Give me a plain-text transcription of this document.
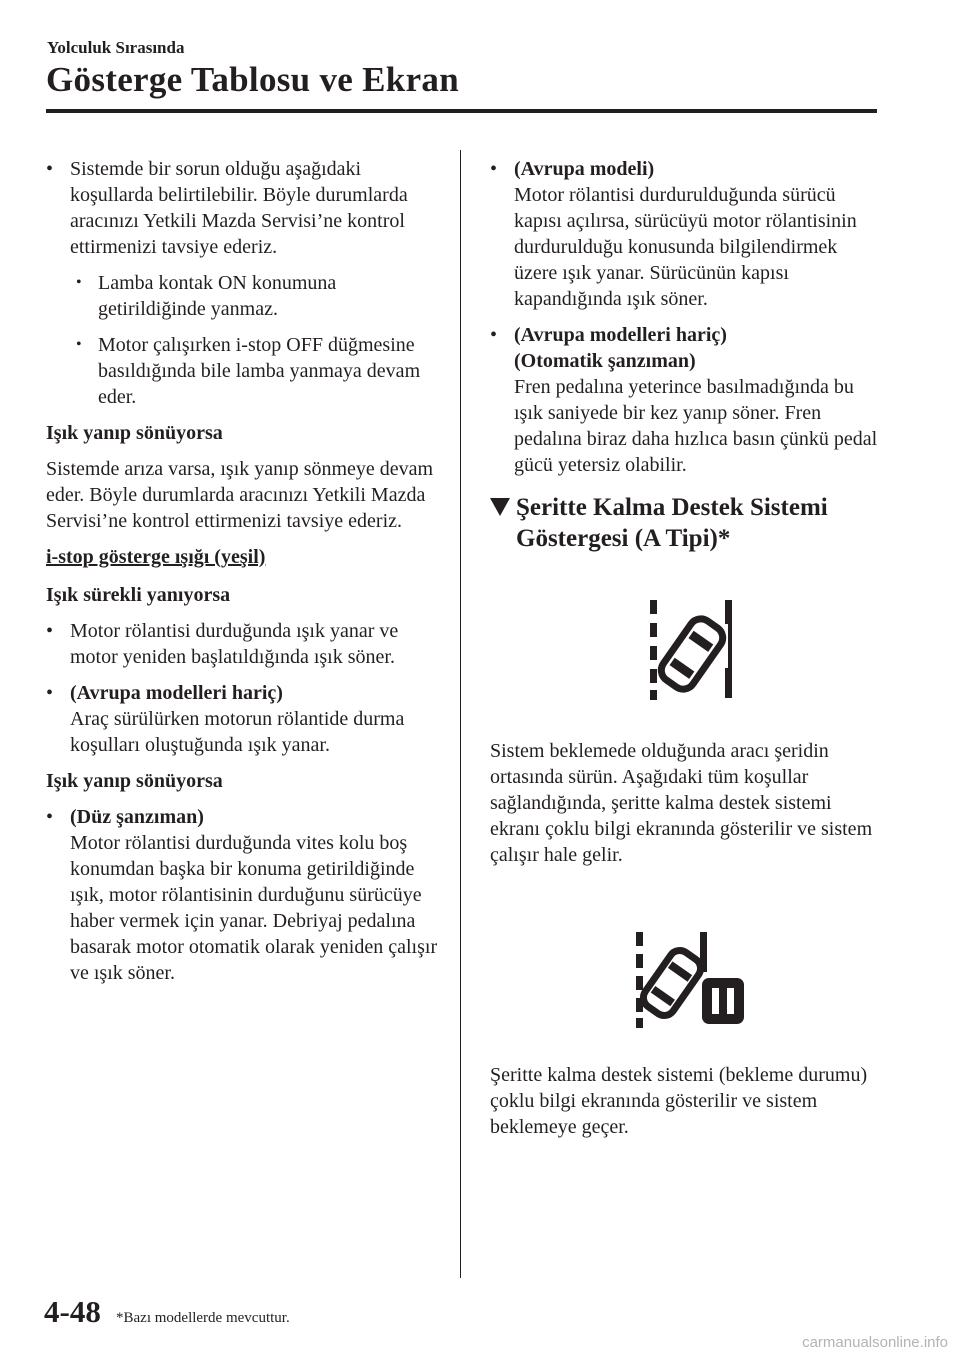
Yolculuk Sırasında
Gösterge Tablosu ve Ekran
• Sistemde bir sorun olduğu aşağıdaki koşullarda belirtilebilir. Böyle durumlarda aracınızı Yetkili Mazda Servisi’ne kontrol ettirmenizi tavsiye ederiz.

• Lamba kontak ON konumuna getirildiğinde yanmaz.

• Motor çalışırken i-stop OFF düğmesine basıldığında bile lamba yanmaya devam eder.

Işık yanıp sönüyorsa

Sistemde arıza varsa, ışık yanıp sönmeye devam eder. Böyle durumlarda aracınızı Yetkili Mazda Servisi’ne kontrol ettirmenizi tavsiye ederiz.

i-stop gösterge ışığı (yeşil)

Işık sürekli yanıyorsa

• Motor rölantisi durduğunda ışık yanar ve motor yeniden başlatıldığında ışık söner.

• (Avrupa modelleri hariç)

Araç sürülürken motorun rölantide durma koşulları oluştuğunda ışık yanar.

Işık yanıp sönüyorsa

• (Düz şanzıman)

Motor rölantisi durduğunda vites kolu boş konumdan başka bir konuma getirildiğinde ışık, motor rölantisinin durduğunu sürücüye haber vermek için yanar. Debriyaj pedalına basarak motor otomatik olarak yeniden çalışır ve ışık söner.

• (Avrupa modeli)

Motor rölantisi durdurulduğunda sürücü kapısı açılırsa, sürücüyü motor rölantisinin durdurulduğu konusunda bilgilendirmek üzere ışık yanar. Sürücünün kapısı kapandığında ışık söner.

• (Avrupa modelleri hariç)

(Otomatik şanzıman)

Fren pedalına yeterince basılmadığında bu ışık saniyede bir kez yanıp söner. Fren pedalına biraz daha hızlıca basın çünkü pedal gücü yetersiz olabilir.

Şeritte Kalma Destek Sistemi Göstergesi (A Tipi)*

Sistem beklemede olduğunda aracı şeridin ortasında sürün. Aşağıdaki tüm koşullar sağlandığında, şeritte kalma destek sistemi ekranı çoklu bilgi ekranında gösterilir ve sistem çalışır hale gelir.

Şeritte kalma destek sistemi (bekleme durumu) çoklu bilgi ekranında gösterilir ve sistem beklemeye geçer.

4-48 *Bazı modellerde mevcuttur.
carmanualsonline.info
